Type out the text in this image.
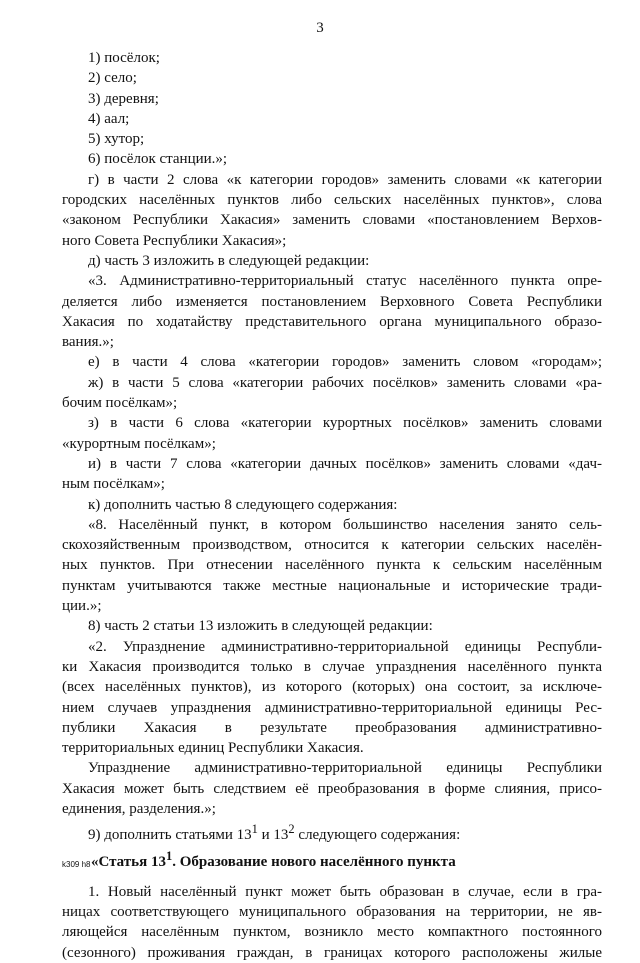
3
1) посёлок;
2) село;
3) деревня;
4) аал;
5) хутор;
6) посёлок станции.»;
г) в части 2 слова «к категории городов» заменить словами «к категории
городских населённых пунктов либо сельских населённых пунктов», слова
«законом Республики Хакасия» заменить словами «постановлением Верхов-
ного Совета Республики Хакасия»;
д) часть 3 изложить в следующей редакции:
«3. Административно-территориальный статус населённого пункта опре-
деляется либо изменяется постановлением Верховного Совета Республики
Хакасия по ходатайству представительного органа муниципального образо-
вания.»;
е) в части 4 слова «категории городов» заменить словом «городам»;
ж) в части 5 слова «категории рабочих посёлков» заменить словами «ра-
бочим посёлкам»;
з) в части 6 слова «категории курортных посёлков» заменить словами
«курортным посёлкам»;
и) в части 7 слова «категории дачных посёлков» заменить словами «дач-
ным посёлкам»;
к) дополнить частью 8 следующего содержания:
«8. Населённый пункт, в котором большинство населения занято сель-
скохозяйственным производством, относится к категории сельских населён-
ных пунктов. При отнесении населённого пункта к сельским населённым
пунктам учитываются также местные национальные и исторические тради-
ции.»;
8) часть 2 статьи 13 изложить в следующей редакции:
«2. Упразднение административно-территориальной единицы Республи-
ки Хакасия производится только в случае упразднения населённого пункта
(всех населённых пунктов), из которого (которых) она состоит, за исключе-
нием случаев упразднения административно-территориальной единицы Рес-
публики Хакасия в результате преобразования административно-
территориальных единиц Республики Хакасия.
Упразднение административно-территориальной единицы Республики
Хакасия может быть следствием её преобразования в форме слияния, присо-
единения, разделения.»;
9) дополнить статьями $13^1$ и $13^2$ следующего содержания:
«Статья $13^1$. Образование нового населённого пункта
1. Новый населённый пункт может быть образован в случае, если в гра-
ницах соответствующего муниципального образования на территории, не яв-
ляющейся населённым пунктом, возникло место компактного постоянного
(сезонного) проживания граждан, в границах которого расположены жилые
k309 h8
